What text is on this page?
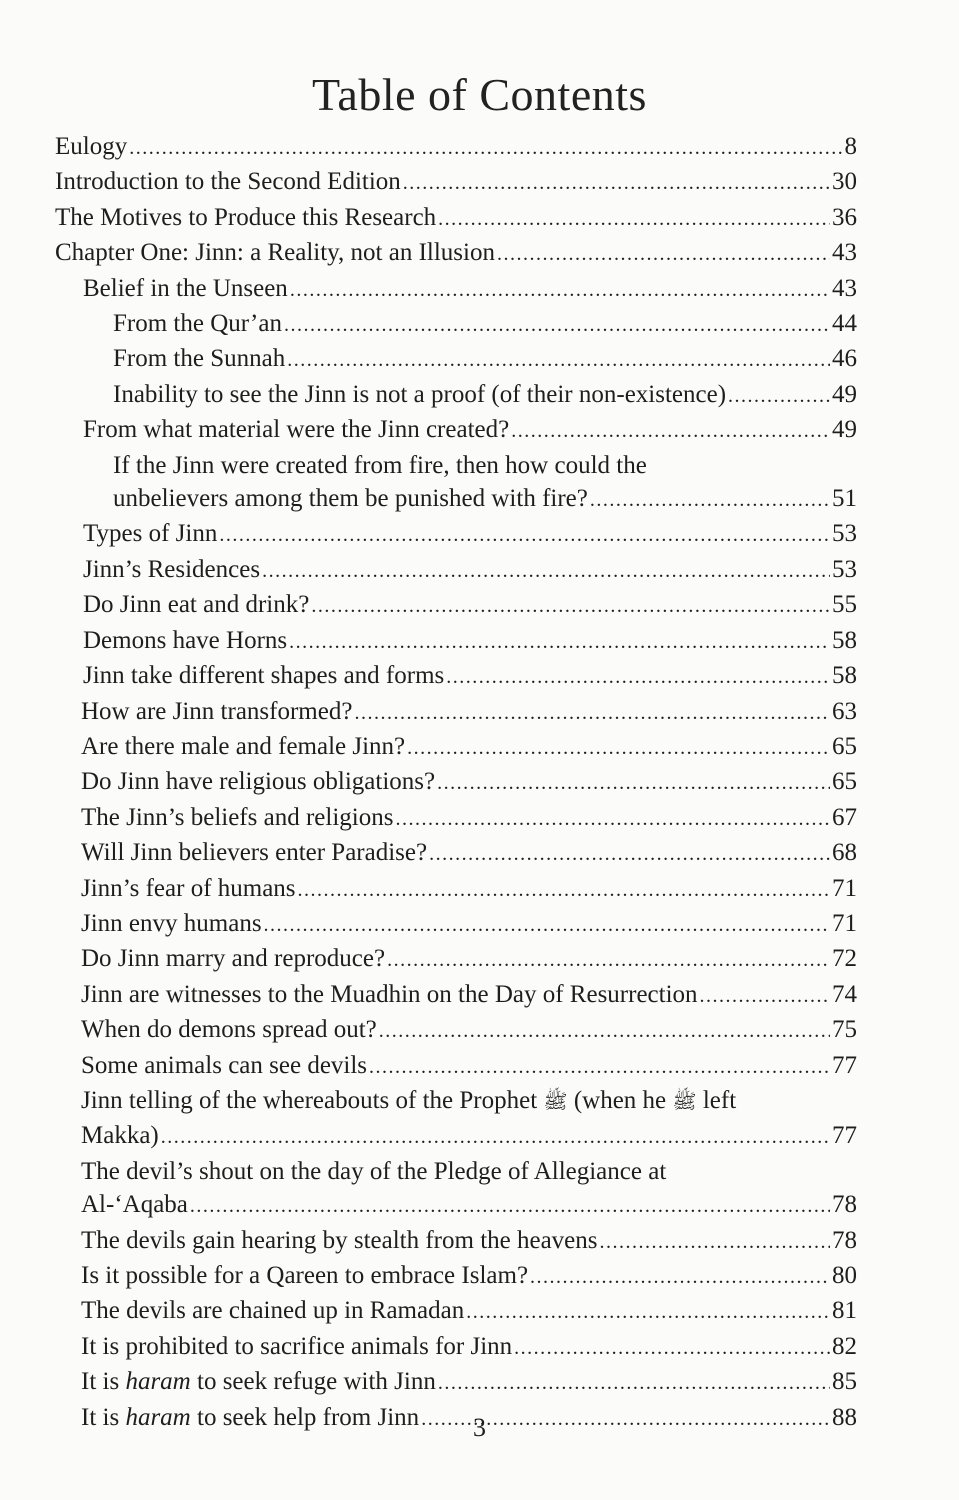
Table of Contents
Eulogy .....	8
Introduction to the Second Edition .....	30
The Motives to Produce this Research .....	36
Chapter One: Jinn: a Reality, not an Illusion .....	43
Belief in the Unseen .....	43
From the Qur’an .....	44
From the Sunnah .....	46
Inability to see the Jinn is not a proof (of their non-existence) .....	49
From what material were the Jinn created? .....	49
If the Jinn were created from fire, then how could the
unbelievers among them be punished with fire? .....	51
Types of Jinn .....	53
Jinn’s Residences .....	53
Do Jinn eat and drink? .....	55
Demons have Horns .....	58
Jinn take different shapes and forms .....	58
How are Jinn transformed? .....	63
Are there male and female Jinn? .....	65
Do Jinn have religious obligations? .....	65
The Jinn’s beliefs and religions .....	67
Will Jinn believers enter Paradise? .....	68
Jinn’s fear of humans .....	71
Jinn envy humans .....	71
Do Jinn marry and reproduce? .....	72
Jinn are witnesses to the Muadhin on the Day of Resurrection .....	74
When do demons spread out? .....	75
Some animals can see devils .....	77
Jinn telling of the whereabouts of the Prophet ﷺ (when he ﷺ left
Makka) .....	77
The devil’s shout on the day of the Pledge of Allegiance at
Al-‘Aqaba .....	78
The devils gain hearing by stealth from the heavens .....	78
Is it possible for a Qareen to embrace Islam? .....	80
The devils are chained up in Ramadan .....	81
It is prohibited to sacrifice animals for Jinn .....	82
It is haram to seek refuge with Jinn .....	85
It is haram to seek help from Jinn .....	88
3
